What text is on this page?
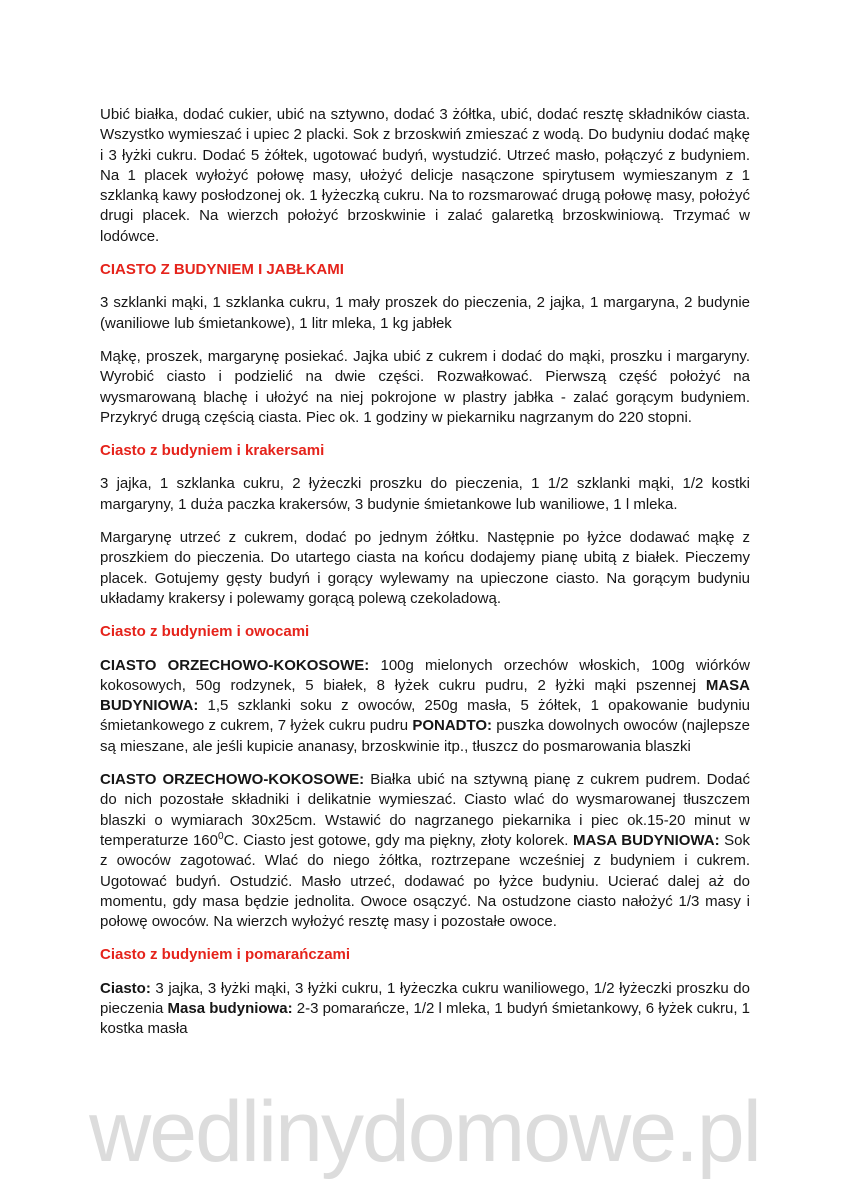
Ubić białka, dodać cukier, ubić na sztywno, dodać 3 żółtka, ubić, dodać resztę składników ciasta. Wszystko wymieszać i upiec 2 placki. Sok z brzoskwiń zmieszać z wodą. Do budyniu dodać mąkę i 3 łyżki cukru. Dodać 5 żółtek, ugotować budyń, wystudzić. Utrzeć masło, połączyć z budyniem. Na 1 placek wyłożyć połowę masy, ułożyć delicje nasączone spirytusem wymieszanym z 1 szklanką kawy posłodzonej ok. 1 łyżeczką cukru. Na to rozsmarować drugą połowę masy, położyć drugi placek. Na wierzch położyć brzoskwinie i zalać galaretką brzoskwiniową. Trzymać w lodówce.

CIASTO Z BUDYNIEM I JABŁKAMI

3 szklanki mąki, 1 szklanka cukru, 1 mały proszek do pieczenia, 2 jajka, 1 margaryna, 2 budynie (waniliowe lub śmietankowe), 1 litr mleka, 1 kg jabłek

Mąkę, proszek, margarynę posiekać. Jajka ubić z cukrem i dodać do mąki, proszku i margaryny. Wyrobić ciasto i podzielić na dwie części. Rozwałkować. Pierwszą część położyć na wysmarowaną blachę i ułożyć na niej pokrojone w plastry jabłka - zalać gorącym budyniem. Przykryć drugą częścią ciasta. Piec ok. 1 godziny w piekarniku nagrzanym do 220 stopni.

Ciasto z budyniem i krakersami

3 jajka, 1 szklanka cukru, 2 łyżeczki proszku do pieczenia, 1 1/2 szklanki mąki, 1/2 kostki margaryny, 1 duża paczka krakersów, 3 budynie śmietankowe lub waniliowe, 1 l mleka.

Margarynę utrzeć z cukrem, dodać po jednym żółtku. Następnie po łyżce dodawać mąkę z proszkiem do pieczenia. Do utartego ciasta na końcu dodajemy pianę ubitą z białek. Pieczemy placek. Gotujemy gęsty budyń i gorący wylewamy na upieczone ciasto. Na gorącym budyniu układamy krakersy i polewamy gorącą polewą czekoladową.

Ciasto z budyniem i owocami

CIASTO ORZECHOWO-KOKOSOWE: 100g mielonych orzechów włoskich, 100g wiórków kokosowych, 50g rodzynek, 5 białek, 8 łyżek cukru pudru, 2 łyżki mąki pszennej MASA BUDYNIOWA: 1,5 szklanki soku z owoców, 250g masła, 5 żółtek, 1 opakowanie budyniu śmietankowego z cukrem, 7 łyżek cukru pudru PONADTO: puszka dowolnych owoców (najlepsze są mieszane, ale jeśli kupicie ananasy, brzoskwinie itp., tłuszcz do posmarowania blaszki

CIASTO ORZECHOWO-KOKOSOWE: Białka ubić na sztywną pianę z cukrem pudrem. Dodać do nich pozostałe składniki i delikatnie wymieszać. Ciasto wlać do wysmarowanej tłuszczem blaszki o wymiarach 30x25cm. Wstawić do nagrzanego piekarnika i piec ok.15-20 minut w temperaturze $160^0C$. Ciasto jest gotowe, gdy ma piękny, złoty kolorek. MASA BUDYNIOWA: Sok z owoców zagotować. Wlać do niego żółtka, roztrzepane wcześniej z budyniem i cukrem. Ugotować budyń. Ostudzić. Masło utrzeć, dodawać po łyżce budyniu. Ucierać dalej aż do momentu, gdy masa będzie jednolita. Owoce osączyć. Na ostudzone ciasto nałożyć 1/3 masy i połowę owoców. Na wierzch wyłożyć resztę masy i pozostałe owoce.

Ciasto z budyniem i pomarańczami

Ciasto: 3 jajka, 3 łyżki mąki, 3 łyżki cukru, 1 łyżeczka cukru waniliowego, 1/2 łyżeczki proszku do pieczenia Masa budyniowa: 2-3 pomarańcze, 1/2 l mleka, 1 budyń śmietankowy, 6 łyżek cukru, 1 kostka masła

wedlinydomowe.pl
